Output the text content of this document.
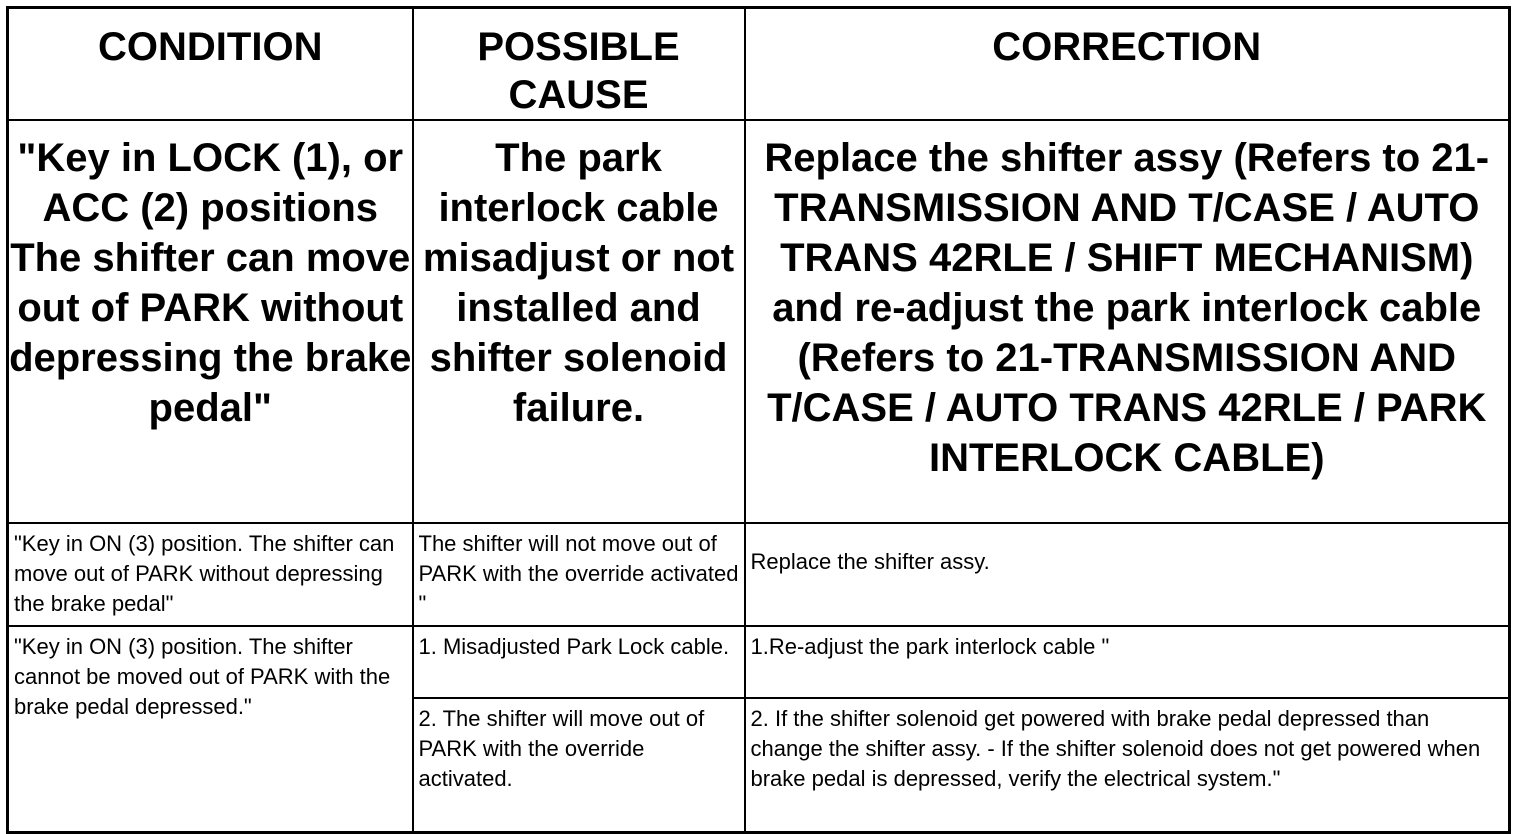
CONDITION	POSSIBLE CAUSE	CORRECTION
"Key in LOCK (1), or ACC (2) positions The shifter can move out of PARK without depressing the brake pedal"	The park interlock cable misadjust or not installed and shifter solenoid failure.	Replace the shifter assy (Refers to 21-TRANSMISSION AND T/CASE / AUTO TRANS 42RLE / SHIFT MECHANISM) and re-adjust the park interlock cable (Refers to 21-TRANSMISSION AND T/CASE / AUTO TRANS 42RLE / PARK INTERLOCK CABLE)
"Key in ON (3) position. The shifter can move out of PARK without depressing the brake pedal"	The shifter will not move out of PARK with the override activated "	Replace the shifter assy.
"Key in ON (3) position. The shifter cannot be moved out of PARK with the brake pedal depressed."	1. Misadjusted Park Lock cable.	1.Re-adjust the park interlock cable "
	2. The shifter will move out of PARK with the override activated.	2. If the shifter solenoid get powered with brake pedal depressed than change the shifter assy. - If the shifter solenoid does not get powered when brake pedal is depressed, verify the electrical system."
